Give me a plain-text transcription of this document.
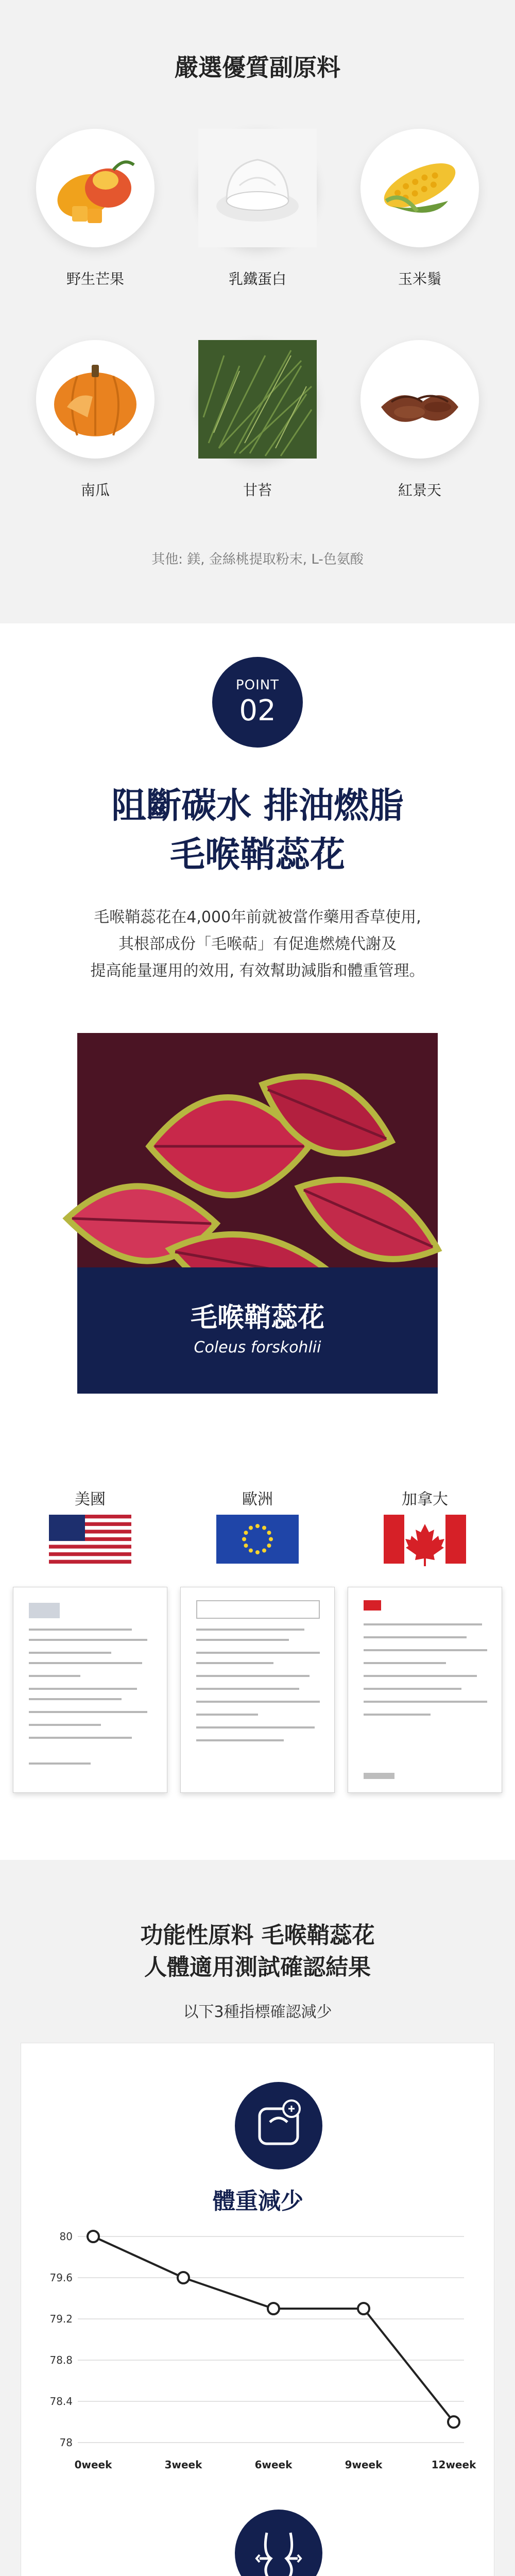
嚴選優質副原料
野生芒果	乳鐵蛋白	玉米鬚
南瓜	甘苔	紅景天
其他: 鎂, 金絲桃提取粉末, L-色氨酸
POINT
02
阻斷碳水 排油燃脂
毛喉鞘蕊花
毛喉鞘蕊花在4,000年前就被當作藥用香草使用,
其根部成份「毛喉萜」有促進燃燒代謝及
提高能量運用的效用, 有效幫助減脂和體重管理。
毛喉鞘蕊花
Coleus forskohlii
美國	歐洲	加拿大
功能性原料 毛喉鞘蕊花
人體適用測試確認結果
以下3種指標確認減少
體重減少
80
79.6
79.2
78.8
78.4
78
0week	3week	6week	9week	12week
